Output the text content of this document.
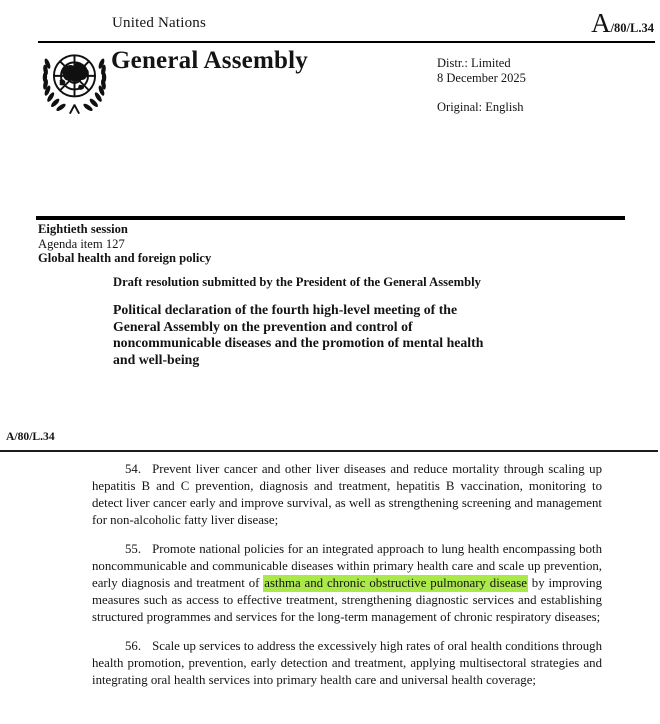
United Nations	A /80/L.34
General Assembly	Distr.: Limited
8 December 2025
Original: English
Eightieth session
Agenda item 127
Global health and foreign policy
Draft resolution submitted by the President of the General Assembly
Political declaration of the fourth high-level meeting of the
General Assembly on the prevention and control of
noncommunicable diseases and the promotion of mental health
and well-being
A/80/L.34

54. Prevent liver cancer and other liver diseases and reduce mortality through scaling up hepatitis B and C prevention, diagnosis and treatment, hepatitis B vaccination, monitoring to detect liver cancer early and improve survival, as well as strengthening screening and management for non-alcoholic fatty liver disease;

55. Promote national policies for an integrated approach to lung health encompassing both noncommunicable and communicable diseases within primary health care and scale up prevention, early diagnosis and treatment of asthma and chronic obstructive pulmonary disease by improving measures such as access to effective treatment, strengthening diagnostic services and establishing structured programmes and services for the long-term management of chronic respiratory diseases;

56. Scale up services to address the excessively high rates of oral health conditions through health promotion, prevention, early detection and treatment, applying multisectoral strategies and integrating oral health services into primary health care and universal health coverage;
